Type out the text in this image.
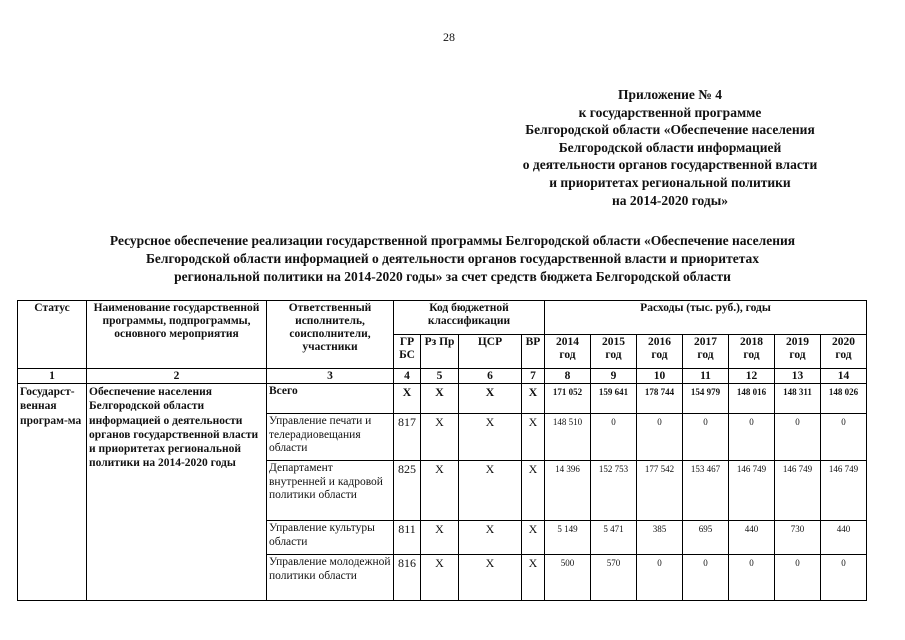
28
Приложение № 4
к государственной программе
Белгородской области «Обеспечение населения
Белгородской области информацией
о деятельности органов государственной власти
и приоритетах региональной политики
на 2014-2020 годы»
Ресурсное обеспечение реализации государственной программы Белгородской области «Обеспечение населения
Белгородской области информацией о деятельности органов государственной власти и приоритетах
региональной политики на 2014-2020 годы» за счет средств бюджета Белгородской области
Статус	Наименование государственной программы, подпрограммы, основного мероприятия	Ответственный исполнитель, соисполнители, участники	Код бюджетной классификации				Расходы (тыс. руб.), годы						
			ГР БС	Рз Пр	ЦСР	ВР	2014 год	2015 год	2016 год	2017 год	2018 год	2019 год	2020 год
1	2	3	4	5	6	7	8	9	10	11	12	13	14
Государст-венная програм-ма	Обеспечение населения Белгородской области информацией о деятельности органов государственной власти и приоритетах региональной политики на 2014-2020 годы	Всего	Х	Х	Х	Х	171 052	159 641	178 744	154 979	148 016	148 311	148 026
		Управление печати и телерадиовещания области	817	Х	Х	Х	148 510	0	0	0	0	0	0
		Департамент внутренней и кадровой политики области	825	Х	Х	Х	14 396	152 753	177 542	153 467	146 749	146 749	146 749
		Управление культуры области	811	Х	Х	Х	5 149	5 471	385	695	440	730	440
		Управление молодежной политики области	816	Х	Х	Х	500	570	0	0	0	0	0
